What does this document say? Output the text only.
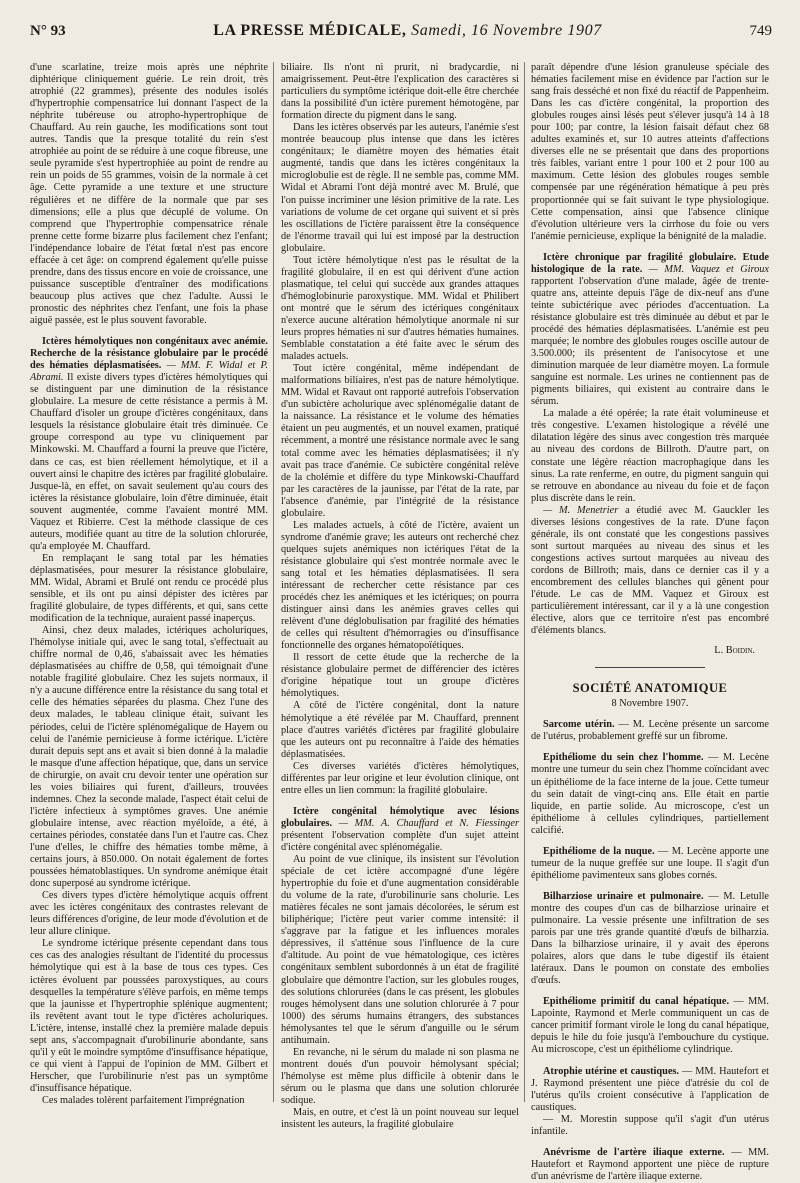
N° 93	LA PRESSE MÉDICALE, Samedi, 16 Novembre 1907	749

d'une scarlatine, treize mois après une néphrite diphtérique cliniquement guérie. Le rein droit, très atrophié (22 grammes), présente des nodules isolés d'hypertrophie compensatrice lui donnant l'aspect de la néphrite tubéreuse ou atropho-hypertrophique de Chauffard. Au rein gauche, les modifications sont tout autres. Tandis que la presque totalité du rein s'est atrophiée au point de se réduire à une coque fibreuse, une seule pyramide s'est hypertrophiée au point de rendre au rein un poids de 55 grammes, voisin de la normale à cet âge. Cette pyramide a une texture et une structure régulières et ne diffère de la normale que par ses dimensions; elle a plus que décuplé de volume. On comprend que l'hypertrophie compensatrice rénale prenne cette forme bizarre plus facilement chez l'enfant; l'indépendance lobaire de l'état fœtal n'est pas encore effacée à cet âge: on comprend également qu'elle puisse prendre, dans des tissus encore en voie de croissance, une puissance susceptible d'entraîner des modifications beaucoup plus actives que chez l'adulte. Aussi le pronostic des néphrites chez l'enfant, une fois la phase aiguë passée, est le plus souvent favorable.

Ictères hémolytiques non congénitaux avec anémie. Recherche de la résistance globulaire par le procédé des hématies déplasmatisées. — MM. F. Widal et P. Abrami. Il existe divers types d'ictères hémolytiques qui se distinguent par une diminution de la résistance globulaire. La mesure de cette résistance a permis à M. Chauffard d'isoler un groupe d'ictères congénitaux, dans lesquels la résistance globulaire était très diminuée. Ce groupe correspond au type vu cliniquement par Minkowski. M. Chauffard a fourni la preuve que l'ictère, dans ce cas, est bien réellement hémolytique, et il a ouvert ainsi le chapitre des ictères par fragilité globulaire. Jusque-là, en effet, on savait seulement qu'au cours des ictères la résistance globulaire, loin d'être diminuée, était souvent augmentée, comme l'avaient montré MM. Vaquez et Ribierre. C'est la méthode classique de ces auteurs, modifiée quant au titre de la solution chlorurée, qu'a employée M. Chauffard.

En remplaçant le sang total par les hématies déplasmatisées, pour mesurer la résistance globulaire, MM. Widal, Abrami et Brulé ont rendu ce procédé plus sensible, et ils ont pu ainsi dépister des ictères par fragilité globulaire, de types différents, et qui, sans cette modification de la technique, auraient passé inaperçus.

Ainsi, chez deux malades, ictériques acholuriques, l'hémolyse initiale qui, avec le sang total, s'effectuait au chiffre normal de 0,46, s'abaissait avec les hématies déplasmatisées au chiffre de 0,58, qui témoignait d'une notable fragilité globulaire. Chez les sujets normaux, il n'y a aucune différence entre la résistance du sang total et celle des hématies séparées du plasma. Chez l'une des deux malades, le tableau clinique était, suivant les périodes, celui de l'ictère splénomégalique de Hayem ou celui de l'anémie pernicieuse à forme ictérique. L'ictère durait depuis sept ans et avait si bien donné à la maladie le masque d'une affection hépatique, que, dans un service de chirurgie, on avait cru devoir tenter une opération sur les voies biliaires qui furent, d'ailleurs, trouvées indemnes. Chez la seconde malade, l'aspect était celui de l'ictère infectieux à symptômes graves. Une anémie globulaire intense, avec réaction myéloïde, a été, à certaines périodes, constatée dans l'un et l'autre cas. Chez l'une d'elles, le chiffre des hématies tombe même, à certains jours, à 850.000. On notait également de fortes poussées hématoblastiques. Un syndrome anémique était donc superposé au syndrome ictérique.

Ces divers types d'ictère hémolytique acquis offrent avec les ictères congénitaux des contrastes relevant de leurs différences d'origine, de leur mode d'évolution et de leur allure clinique.

Le syndrome ictérique présente cependant dans tous ces cas des analogies résultant de l'identité du processus hémolytique qui est à la base de tous ces types. Ces ictères évoluent par poussées paroxystiques, au cours desquelles la température s'élève parfois, en même temps que la jaunisse et l'hypertrophie splénique augmentent; ils revêtent avant tout le type d'ictères acholuriques. L'ictère, intense, installé chez la première malade depuis sept ans, s'accompagnait d'urobilinurie abondante, sans qu'il y eût le moindre symptôme d'insuffisance hépatique, ce qui vient à l'appui de l'opinion de MM. Gilbert et Herscher, que l'urobilinurie n'est pas un symptôme d'insuffisance hépatique.

Ces malades tolèrent parfaitement l'imprégnation

biliaire. Ils n'ont ni prurit, ni bradycardie, ni amaigrissement. Peut-être l'explication des caractères si particuliers du symptôme ictérique doit-elle être cherchée dans la possibilité d'un ictère purement hémotogène, par formation directe du pigment dans le sang.

Dans les ictères observés par les auteurs, l'anémie s'est montrée beaucoup plus intense que dans les ictères congénitaux; le diamètre moyen des hématies était augmenté, tandis que dans les ictères congénitaux la microglobulie est de règle. Il ne semble pas, comme MM. Widal et Abrami l'ont déjà montré avec M. Brulé, que l'on puisse incriminer une lésion primitive de la rate. Les variations de volume de cet organe qui suivent et si près les oscillations de l'ictère paraissent être la conséquence de l'énorme travail qui lui est imposé par la destruction globulaire.

Tout ictère hémolytique n'est pas le résultat de la fragilité globulaire, il en est qui dérivent d'une action plasmatique, tel celui qui succède aux grandes attaques d'hémoglobinurie paroxystique. MM. Widal et Philibert ont montré que le sérum des ictériques congénitaux n'exerce aucune altération hémolytique anormale ni sur leurs propres hématies ni sur d'autres hématies humaines. Semblable constatation a été faite avec le sérum des malades actuels.

Tout ictère congénital, même indépendant de malformations biliaires, n'est pas de nature hémolytique. MM. Widal et Ravaut ont rapporté autrefois l'observation d'un subictère acholurique avec splénomégalie datant de la naissance. La résistance et le volume des hématies étaient un peu augmentés, et un nouvel examen, pratiqué récemment, a montré une résistance normale avec le sang total comme avec les hématies déplasmatisées; il n'y avait pas trace d'anémie. Ce subictère congénital relève de la cholémie et diffère du type Minkowski-Chauffard par les caractères de la jaunisse, par l'état de la rate, par l'absence d'anémie, par l'intégrité de la résistance globulaire.

Les malades actuels, à côté de l'ictère, avaient un syndrome d'anémie grave; les auteurs ont recherché chez quelques sujets anémiques non ictériques l'état de la résistance globulaire qui s'est montrée normale avec le sang total et les hématies déplasmatisées. Il sera intéressant de rechercher cette résistance par ces procédés chez les anémiques et les ictériques; on pourra distinguer ainsi dans les anémies graves celles qui relèvent d'une déglobulisation par fragilité des hématies de celles qui résultent d'hémorragies ou d'insuffisance fonctionnelle des organes hématopoïétiques.

Il ressort de cette étude que la recherche de la résistance globulaire permet de différencier des ictères d'origine hépatique tout un groupe d'ictères hémolytiques.

A côté de l'ictère congénital, dont la nature hémolytique a été révélée par M. Chauffard, prennent place d'autres variétés d'ictères par fragilité globulaire que les auteurs ont pu reconnaître à l'aide des hématies déplasmatisées.

Ces diverses variétés d'ictères hémolytiques, différentes par leur origine et leur évolution clinique, ont entre elles un lien commun: la fragilité globulaire.

Ictère congénital hémolytique avec lésions globulaires. — MM. A. Chauffard et N. Fiessinger présentent l'observation complète d'un sujet atteint d'ictère congénital avec splénomégalie.

Au point de vue clinique, ils insistent sur l'évolution spéciale de cet ictère accompagné d'une légère hypertrophie du foie et d'une augmentation considérable du volume de la rate, d'urobilinurie sans cholurie. Les matières fécales ne sont jamais décolorées, le sérum est biliphérique; l'ictère peut varier comme intensité: il s'aggrave par la fatigue et les influences morales dépressives, il s'atténue sous l'influence de la cure d'altitude. Au point de vue hématologique, ces ictères congénitaux semblent subordonnés à un état de fragilité globulaire que démontre l'action, sur les globules rouges, des solutions chlorurées (dans le cas présent, les globules rouges hémolysent dans une solution chlorurée à 7 pour 1000) des sérums humains étrangers, des substances hémolysantes tel que le sérum d'anguille ou le sérum antihumain.

En revanche, ni le sérum du malade ni son plasma ne montrent doués d'un pouvoir hémolysant spécial; l'hémolyse est même plus difficile à obtenir dans le sérum ou le plasma que dans une solution chlorurée sodique.

Mais, en outre, et c'est là un point nouveau sur lequel insistent les auteurs, la fragilité globulaire

paraît dépendre d'une lésion granuleuse spéciale des hématies facilement mise en évidence par l'action sur le sang frais desséché et non fixé du réactif de Pappenheim. Dans les cas d'ictère congénital, la proportion des globules rouges ainsi lésés peut s'élever jusqu'à 14 à 18 pour 100; par contre, la lésion faisait défaut chez 68 adultes examinés et, sur 10 autres atteints d'affections diverses elle ne se présentait que dans des proportions très faibles, variant entre 1 pour 100 et 2 pour 100 au maximum. Cette lésion des globules rouges semble compensée par une régénération hématique à peu près proportionnée qui se fait suivant le type physiologique. Cette compensation, ainsi que l'absence clinique d'évolution ultérieure vers la cirrhose du foie ou vers l'anémie pernicieuse, explique la bénignité de la maladie.

Ictère chronique par fragilité globulaire. Etude histologique de la rate. — MM. Vaquez et Giroux rapportent l'observation d'une malade, âgée de trente-quatre ans, atteinte depuis l'âge de dix-neuf ans d'une teinte subictérique avec périodes d'accentuation. La résistance globulaire est très diminuée au début et par le procédé des hématies déplasmatisées. L'anémie est peu marquée; le nombre des globules rouges oscille autour de 3.500.000; ils présentent de l'anisocytose et une diminution marquée de leur diamètre moyen. La formule sanguine est normale. Les urines ne contiennent pas de pigments biliaires, qui existent au contraire dans le sérum.

La malade a été opérée; la rate était volumineuse et très congestive. L'examen histologique a révélé une dilatation légère des sinus avec congestion très marquée au niveau des cordons de Billroth. D'autre part, on constate une légère réaction macrophagique dans les sinus. La rate renferme, en outre, du pigment sanguin qui se retrouve en abondance au niveau du foie et de façon plus discrète dans le rein.

— M. Menetrier a étudié avec M. Gauckler les diverses lésions congestives de la rate. D'une façon générale, ils ont constaté que les congestions passives sont surtout marquées au niveau des sinus et les congestions actives surtout marquées au niveau des cordons de Billroth; mais, dans ce dernier cas il y a encombrement des cellules blanches qui gênent pour l'étude. Le cas de MM. Vaquez et Giroux est particulièrement intéressant, car il y a là une congestion élective, alors que ce territoire n'est pas encombré d'éléments blancs.

L. Boidin.
SOCIÉTÉ ANATOMIQUE
8 Novembre 1907.

Sarcome utérin. — M. Lecène présente un sarcome de l'utérus, probablement greffé sur un fibrome.

Epithéliome du sein chez l'homme. — M. Lecène montre une tumeur du sein chez l'homme coïncidant avec un épithéliome de la face interne de la joue. Cette tumeur du sein datait de vingt-cinq ans. Elle était en partie liquide, en partie solide. Au microscope, c'est un épithéliome à cellules cylindriques, partiellement calcifié.

Epithéliome de la nuque. — M. Lecène apporte une tumeur de la nuque greffée sur une loupe. Il s'agit d'un épithéliome pavimenteux sans globes cornés.

Bilharziose urinaire et pulmonaire. — M. Letulle montre des coupes d'un cas de bilharziose urinaire et pulmonaire. La vessie présente une infiltration de ses parois par une très grande quantité d'œufs de bilharzia. Dans la bilharziose urinaire, il y avait des éperons polaires, alors que dans le tube digestif ils étaient latéraux. Dans le poumon on constate des embolies d'œufs.

Epithéliome primitif du canal hépatique. — MM. Lapointe, Raymond et Merle communiquent un cas de cancer primitif formant virole le long du canal hépatique, depuis le hile du foie jusqu'à l'embouchure du cystique. Au microscope, c'est un épithéliome cylindrique.

Atrophie utérine et caustiques. — MM. Hautefort et J. Raymond présentent une pièce d'atrésie du col de l'utérus qu'ils croient consécutive à l'application de caustiques.

— M. Morestin suppose qu'il s'agit d'un utérus infantile.

Anévrisme de l'artère iliaque externe. — MM. Hautefort et Raymond apportent une pièce de rupture d'un anévrisme de l'artère iliaque externe.
